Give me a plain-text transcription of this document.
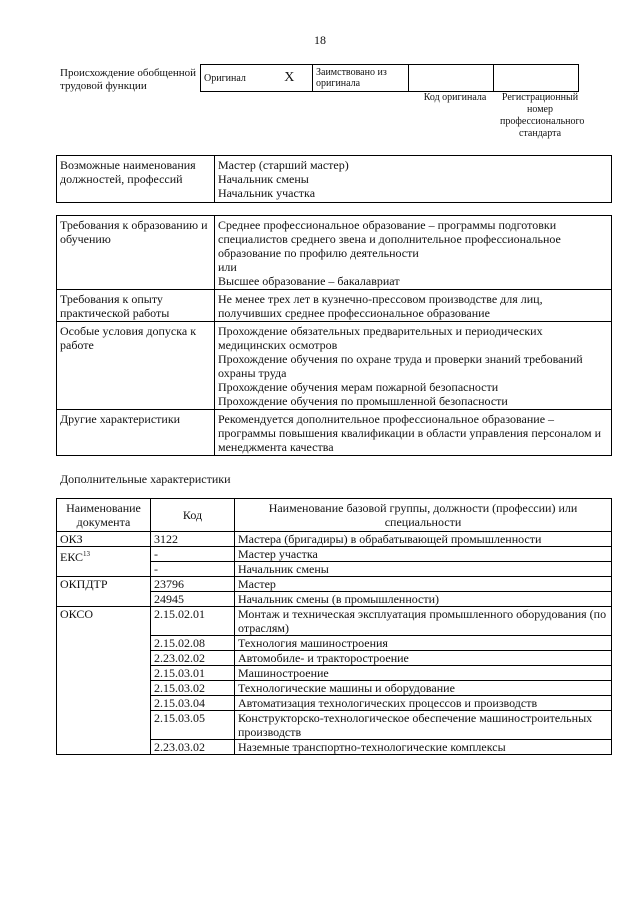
18
Происхождение обобщенной трудовой функции
Оригинал	X	Заимствовано из оригинала		
Код оригинала	Регистрационный номер профессионального стандарта
Возможные наименования должностей, профессий	
Мастер (старший мастер)
Начальник смены
Начальник участка
Требования к образованию и обучению	Среднее профессиональное образование – программы подготовки специалистов среднего звена и дополнительное профессиональное образование по профилю деятельности
или
Высшее образование – бакалавриат

Требования к опыту практической работы	Не менее трех лет в кузнечно-прессовом производстве для лиц, получивших среднее профессиональное образование

Особые условия допуска к работе	Прохождение обязательных предварительных и периодических медицинских осмотров
Прохождение обучения по охране труда и проверки знаний требований охраны труда
Прохождение обучения мерам пожарной безопасности
Прохождение обучения по промышленной безопасности

Другие характеристики	Рекомендуется дополнительное профессиональное образование – программы повышения квалификации в области управления персоналом и менеджмента качества
Дополнительные характеристики
Наименование документа	Код	Наименование базовой группы, должности (профессии) или специальности
ОКЗ	3122	Мастера (бригадиры) в обрабатывающей промышленности
ЕКС$^{13}$	-	Мастер участка
	-	Начальник смены
ОКПДТР	23796	Мастер
	24945	Начальник смены (в промышленности)
ОКСО	2.15.02.01	Монтаж и техническая эксплуатация промышленного оборудования (по отраслям)
	2.15.02.08	Технология машиностроения
	2.23.02.02	Автомобиле- и тракторостроение
	2.15.03.01	Машиностроение
	2.15.03.02	Технологические машины и оборудование
	2.15.03.04	Автоматизация технологических процессов и производств
	2.15.03.05	Конструкторско-технологическое обеспечение машиностроительных производств
	2.23.03.02	Наземные транспортно-технологические комплексы
